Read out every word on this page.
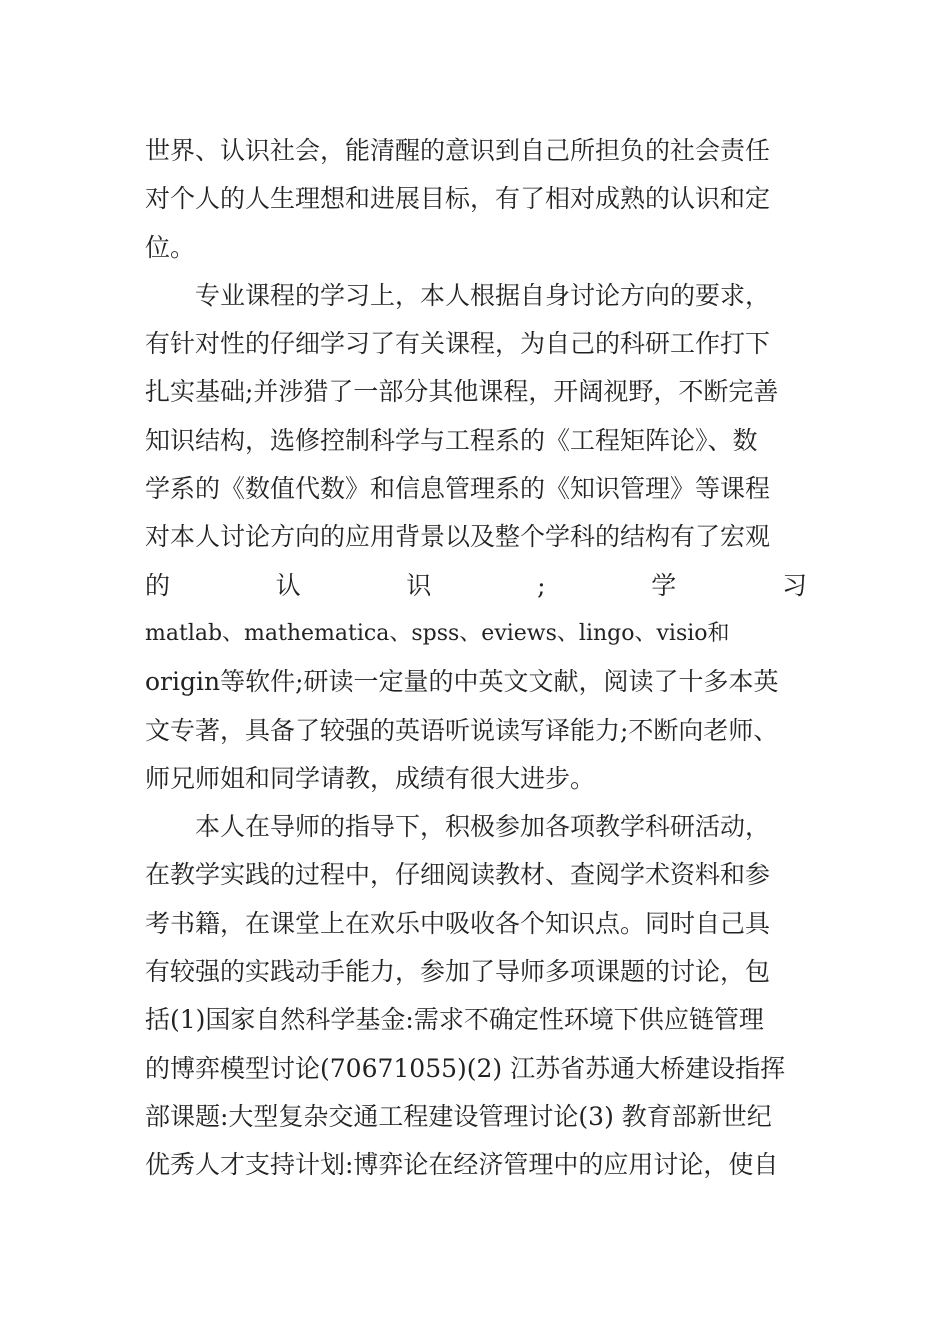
世界、认识社会，能清醒的意识到自己所担负的社会责任
对个人的人生理想和进展目标，有了相对成熟的认识和定
位。
　　专业课程的学习上，本人根据自身讨论方向的要求，
有针对性的仔细学习了有关课程，为自己的科研工作打下
扎实基础;并涉猎了一部分其他课程，开阔视野，不断完善
知识结构，选修控制科学与工程系的《工程矩阵论》、数
学系的《数值代数》和信息管理系的《知识管理》等课程
对本人讨论方向的应用背景以及整个学科的结构有了宏观
的	认	识	;	学	习
matlab、mathematica、spss、eviews、lingo、visio和
origin等软件;研读一定量的中英文文献，阅读了十多本英
文专著，具备了较强的英语听说读写译能力;不断向老师、
师兄师姐和同学请教，成绩有很大进步。
　　本人在导师的指导下，积极参加各项教学科研活动，
在教学实践的过程中，仔细阅读教材、查阅学术资料和参
考书籍，在课堂上在欢乐中吸收各个知识点。同时自己具
有较强的实践动手能力，参加了导师多项课题的讨论，包
括(1)国家自然科学基金:需求不确定性环境下供应链管理
的博弈模型讨论(70671055)(2) 江苏省苏通大桥建设指挥
部课题:大型复杂交通工程建设管理讨论(3) 教育部新世纪
优秀人才支持计划:博弈论在经济管理中的应用讨论，使自
